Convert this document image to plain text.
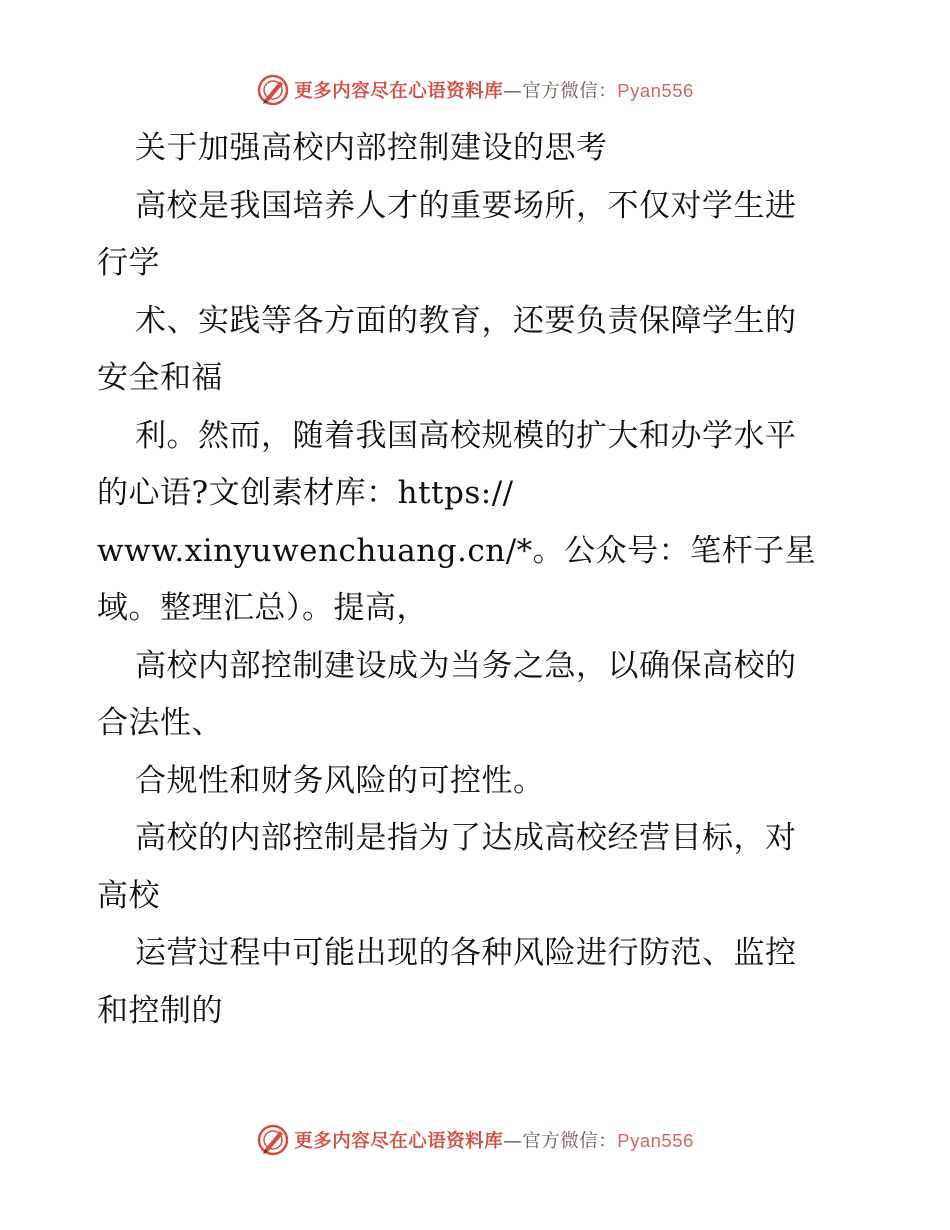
更多内容尽在心语资料库—官方微信：Pyan556
关于加强高校内部控制建设的思考
高校是我国培养人才的重要场所，不仅对学生进
行学
术、实践等各方面的教育，还要负责保障学生的
安全和福
利。然而，随着我国高校规模的扩大和办学水平
的心语?文创素材库：https://
www.xinyuwenchuang.cn/*。公众号：笔杆子星
域。整理汇总）。提高，
高校内部控制建设成为当务之急，以确保高校的
合法性、
合规性和财务风险的可控性。
高校的内部控制是指为了达成高校经营目标，对
高校
运营过程中可能出现的各种风险进行防范、监控
和控制的
更多内容尽在心语资料库—官方微信：Pyan556
